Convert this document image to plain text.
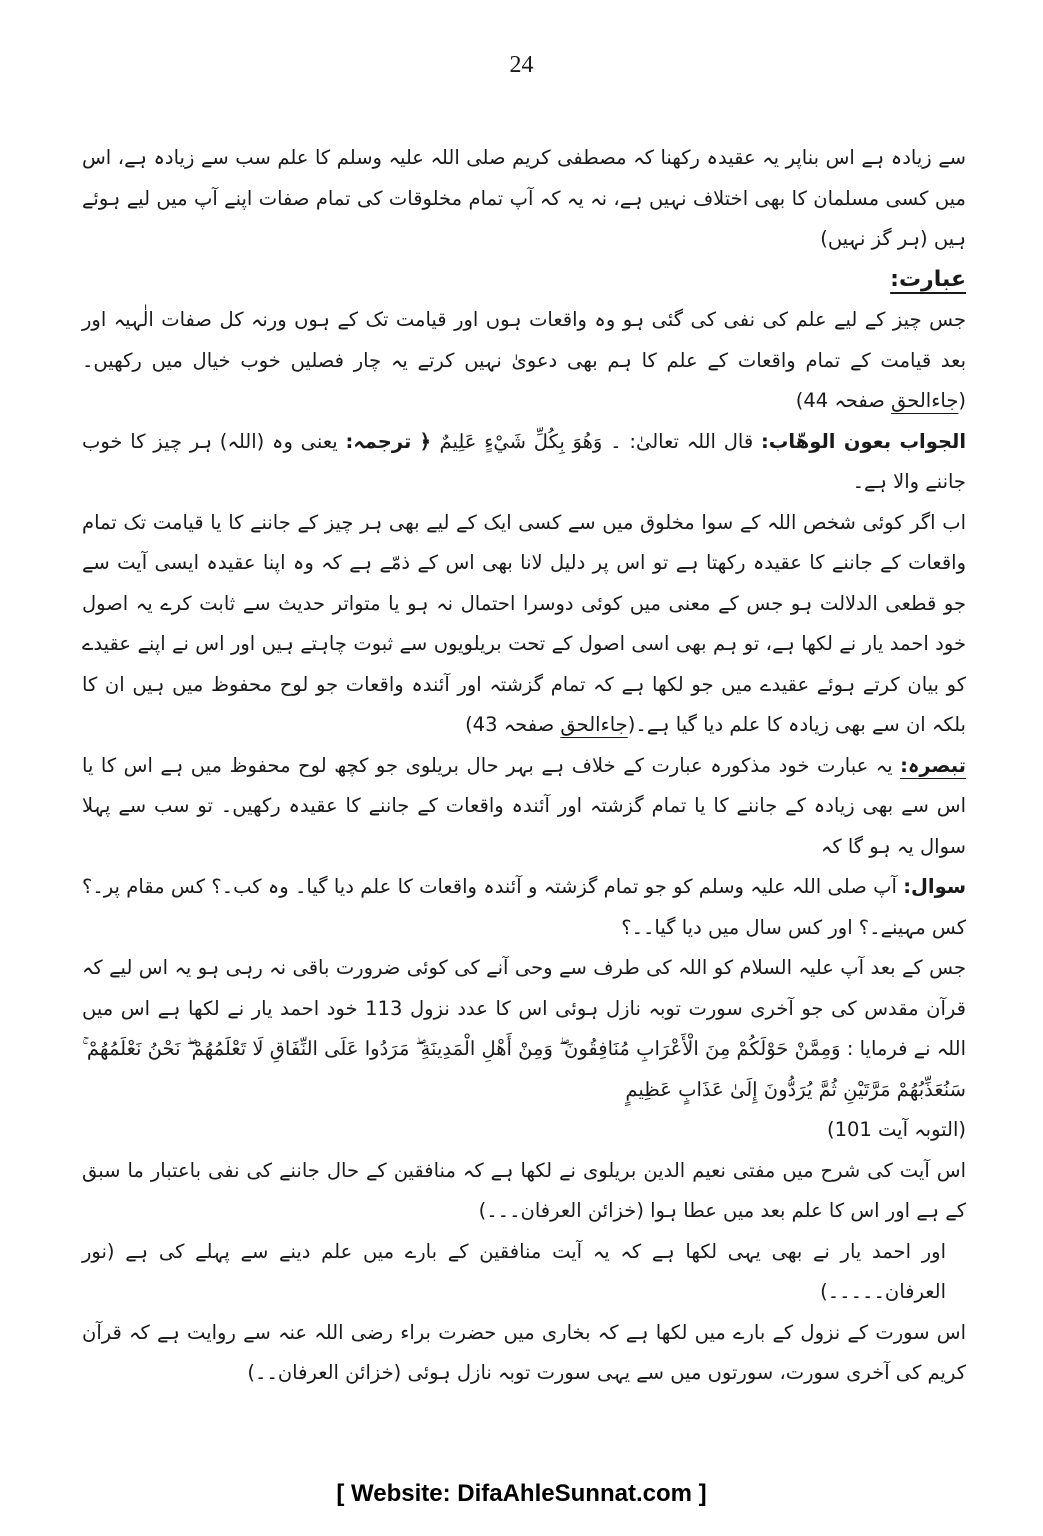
24

سے زیادہ ہے اس بناپر یہ عقیدہ رکھنا کہ مصطفی کریم صلی اللہ علیہ وسلم کا علم سب سے زیادہ ہے، اس میں کسی مسلمان کا بھی اختلاف نہیں ہے، نہ یہ کہ آپ تمام مخلوقات کی تمام صفات اپنے آپ میں لیے ہوئے ہیں (ہر گز نہیں)

عبارت:

جس چیز کے لیے علم کی نفی کی گئی ہو وہ واقعات ہوں اور قیامت تک کے ہوں ورنہ کل صفات الٰہیہ اور بعد قیامت کے تمام واقعات کے علم کا ہم بھی دعویٰ نہیں کرتے یہ چار فصلیں خوب خیال میں رکھیں۔(جاءالحق صفحہ 44)

الجواب بعون الوھّاب: قال اللہ تعالیٰ: ۔ وَهُوَ بِكُلِّ شَيْءٍ عَلِيمٌ ﴿ ترجمہ: یعنی وہ (اللہ) ہر چیز کا خوب جاننے والا ہے۔

اب اگر کوئی شخص اللہ کے سوا مخلوق میں سے کسی ایک کے لیے بھی ہر چیز کے جاننے کا یا قیامت تک تمام واقعات کے جاننے کا عقیدہ رکھتا ہے تو اس پر دلیل لانا بھی اس کے ذمّے ہے کہ وہ اپنا عقیدہ ایسی آیت سے جو قطعی الدلالت ہو جس کے معنی میں کوئی دوسرا احتمال نہ ہو یا متواتر حدیث سے ثابت کرے یہ اصول خود احمد یار نے لکھا ہے، تو ہم بھی اسی اصول کے تحت بریلویوں سے ثبوت چاہتے ہیں اور اس نے اپنے عقیدے کو بیان کرتے ہوئے عقیدے میں جو لکھا ہے کہ تمام گزشتہ اور آئندہ واقعات جو لوح محفوظ میں ہیں ان کا بلکہ ان سے بھی زیادہ کا علم دیا گیا ہے۔(جاءالحق صفحہ 43)

تبصرہ: یہ عبارت خود مذکورہ عبارت کے خلاف ہے بہر حال بریلوی جو کچھ لوح محفوظ میں ہے اس کا یا اس سے بھی زیادہ کے جاننے کا یا تمام گزشتہ اور آئندہ واقعات کے جاننے کا عقیدہ رکھیں۔ تو سب سے پہلا سوال یہ ہو گا کہ

سوال: آپ صلی اللہ علیہ وسلم کو جو تمام گزشتہ و آئندہ واقعات کا علم دیا گیا۔ وہ کب۔؟ کس مقام پر۔؟ کس مہینے۔؟ اور کس سال میں دیا گیا۔۔؟

جس کے بعد آپ علیہ السلام کو اللہ کی طرف سے وحی آنے کی کوئی ضرورت باقی نہ رہی ہو یہ اس لیے کہ قرآن مقدس کی جو آخری سورت توبہ نازل ہوئی اس کا عدد نزول 113 خود احمد یار نے لکھا ہے اس میں اللہ نے فرمایا : وَمِمَّنْ حَوْلَكُمْ مِنَ الْأَعْرَابِ مُنَافِقُونَ ۖ وَمِنْ أَهْلِ الْمَدِينَةِ ۖ مَرَدُوا عَلَى النِّفَاقِ لَا تَعْلَمُهُمْ ۖ نَحْنُ نَعْلَمُهُمْ ۚ سَنُعَذِّبُهُمْ مَرَّتَيْنِ ثُمَّ يُرَدُّونَ إِلَىٰ عَذَابٍ عَظِيمٍ

(التوبہ آیت 101)

اس آیت کی شرح میں مفتی نعیم الدین بریلوی نے لکھا ہے کہ منافقین کے حال جاننے کی نفی باعتبار ما سبق کے ہے اور اس کا علم بعد میں عطا ہوا (خزائن العرفان۔۔۔)

اور احمد یار نے بھی یہی لکھا ہے کہ یہ آیت منافقین کے بارے میں علم دینے سے پہلے کی ہے (نور العرفان۔۔۔۔۔)

اس سورت کے نزول کے بارے میں لکھا ہے کہ بخاری میں حضرت براء رضی اللہ عنہ سے روایت ہے کہ قرآن کریم کی آخری سورت، سورتوں میں سے یہی سورت توبہ نازل ہوئی (خزائن العرفان۔۔)

[ Website: DifaAhleSunnat.com ]
